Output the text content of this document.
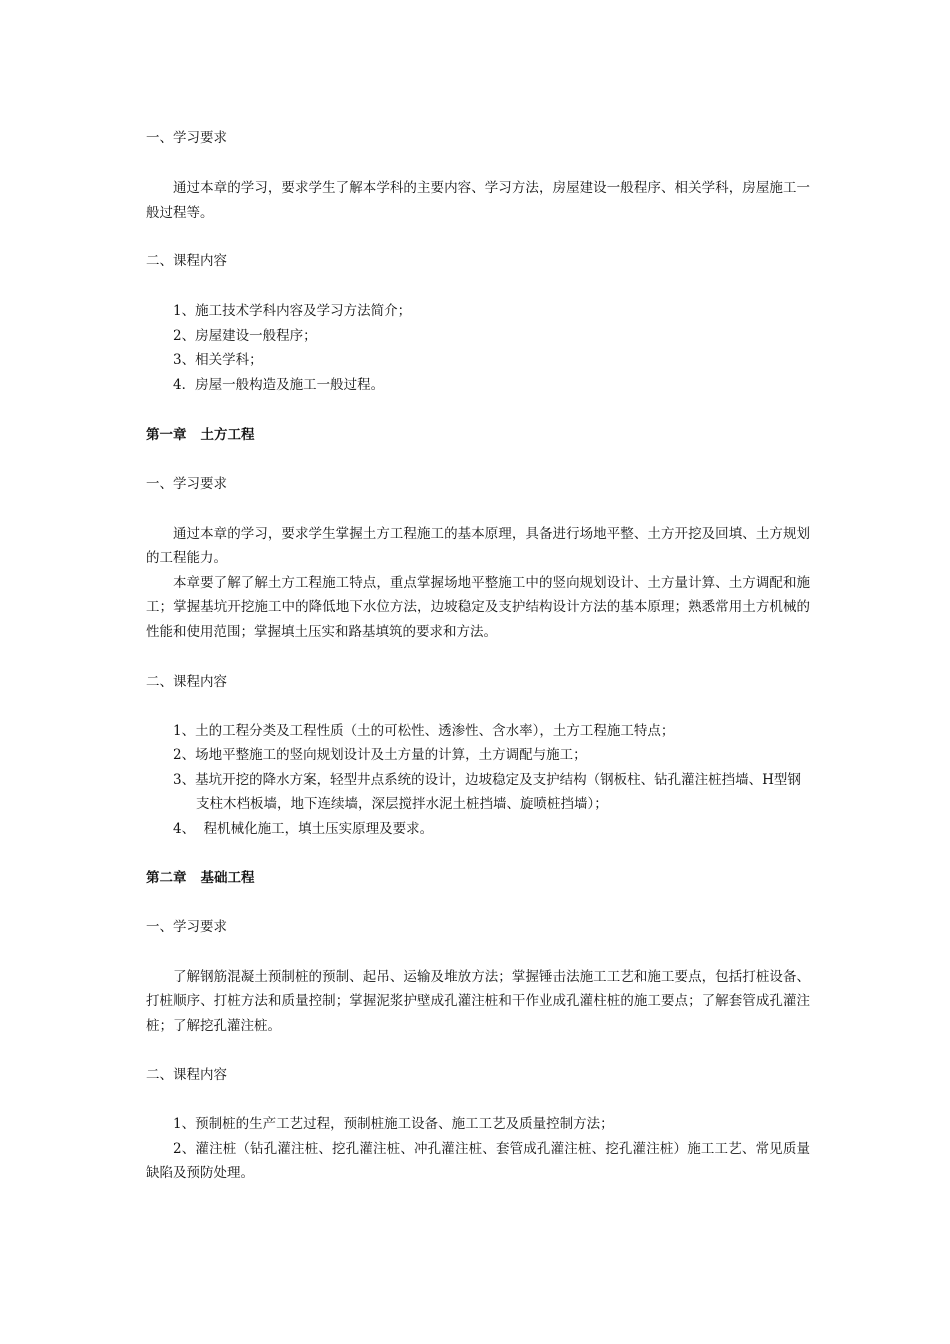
一、学习要求
通过本章的学习，要求学生了解本学科的主要内容、学习方法，房屋建设一般程序、相关学科，房屋施工一般过程等。
二、课程内容
1、施工技术学科内容及学习方法简介；
2、房屋建设一般程序；
3、相关学科；
4．房屋一般构造及施工一般过程。
第一章 土方工程
一、学习要求
通过本章的学习，要求学生掌握土方工程施工的基本原理，具备进行场地平整、土方开挖及回填、土方规划的工程能力。
本章要了解了解土方工程施工特点，重点掌握场地平整施工中的竖向规划设计、土方量计算、土方调配和施工；掌握基坑开挖施工中的降低地下水位方法，边坡稳定及支护结构设计方法的基本原理；熟悉常用土方机械的性能和使用范围；掌握填土压实和路基填筑的要求和方法。
二、课程内容
1、土的工程分类及工程性质（土的可松性、透渗性、含水率），土方工程施工特点；
2、场地平整施工的竖向规划设计及土方量的计算，土方调配与施工；
3、基坑开挖的降水方案，轻型井点系统的设计，边坡稳定及支护结构（钢板柱、钻孔灌注桩挡墙、H型钢支柱木档板墙，地下连续墙，深层搅拌水泥土桩挡墙、旋喷桩挡墙）；
4、  程机械化施工，填土压实原理及要求。
第二章 基础工程
一、学习要求
了解钢筋混凝土预制桩的预制、起吊、运输及堆放方法；掌握锤击法施工工艺和施工要点，包括打桩设备、打桩顺序、打桩方法和质量控制；掌握泥浆护壁成孔灌注桩和干作业成孔灌柱桩的施工要点；了解套管成孔灌注桩；了解挖孔灌注桩。
二、课程内容
1、预制桩的生产工艺过程，预制桩施工设备、施工工艺及质量控制方法；
2、灌注桩（钻孔灌注桩、挖孔灌注桩、冲孔灌注桩、套管成孔灌注桩、挖孔灌注桩）施工工艺、常见质量缺陷及预防处理。
